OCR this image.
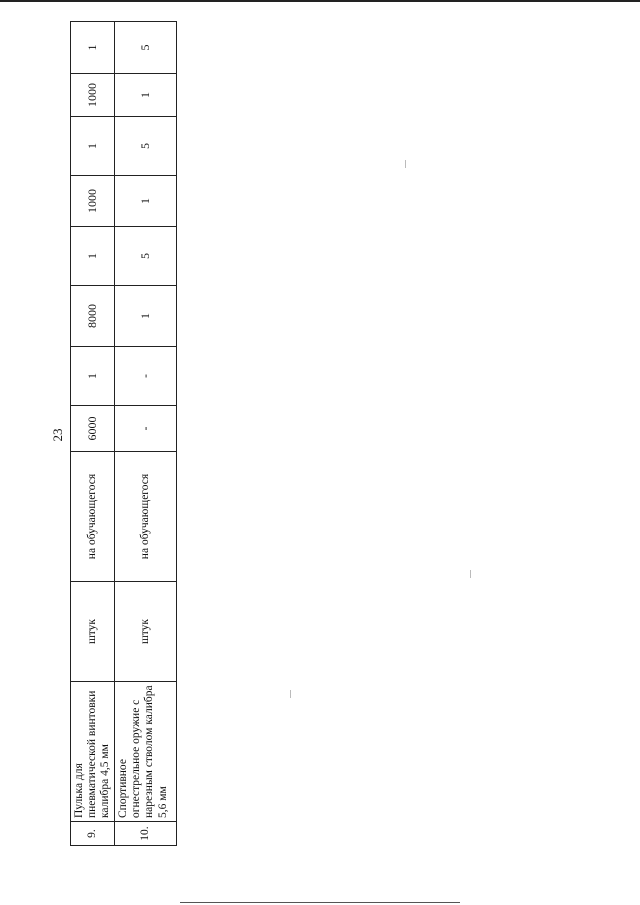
23
9.	Пулька для пневматической винтовки калибра 4,5 мм	штук	на обучающегося	6000	1	8000	1	1000	1	1000	1
10.	Спортивное огнестрельное оружие с нарезным стволом калибра 5,6 мм	штук	на обучающегося	-	-	1	5	1	5	1	5
